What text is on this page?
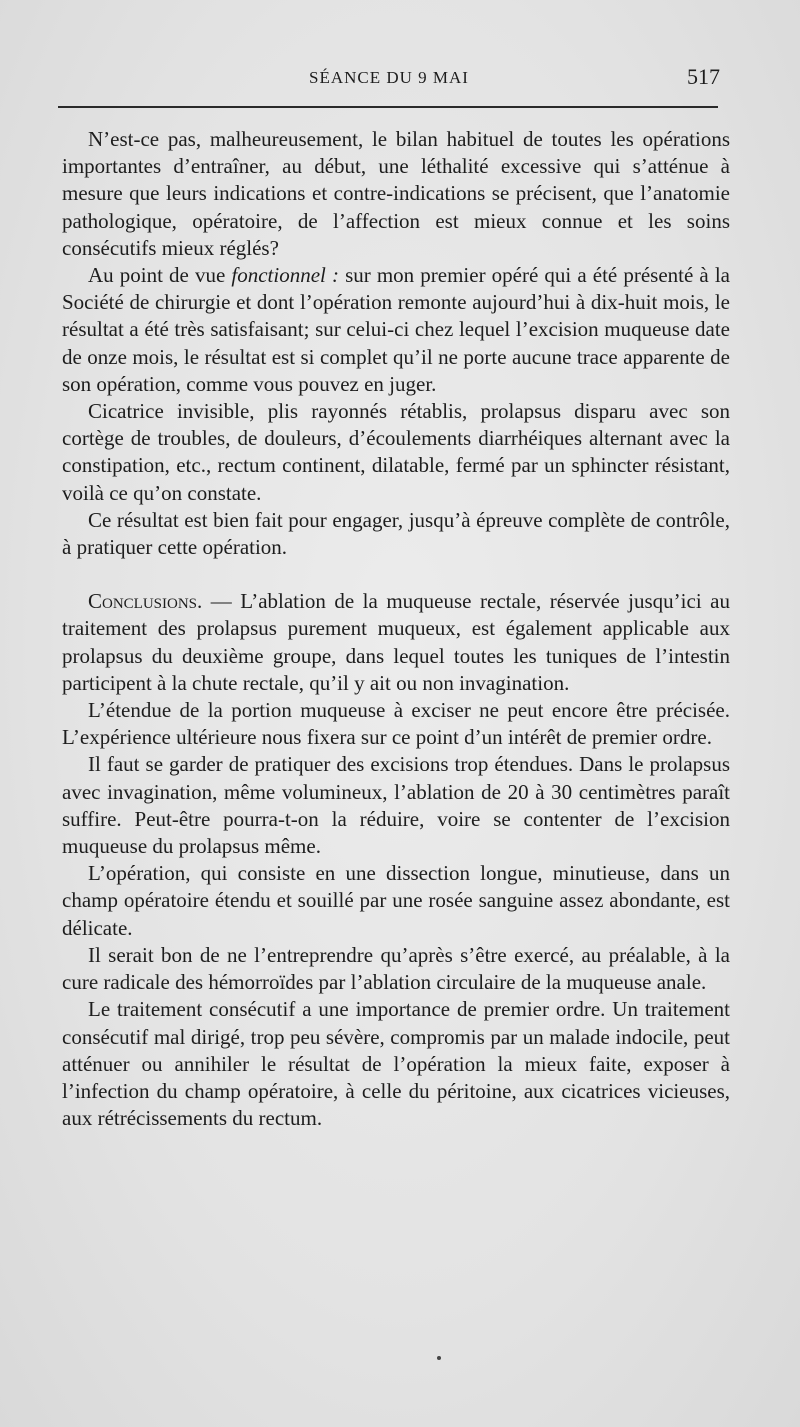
SÉANCE DU 9 MAI	517

N’est-ce pas, malheureusement, le bilan habituel de toutes les opérations importantes d’entraîner, au début, une léthalité excessive qui s’atténue à mesure que leurs indications et contre-indications se précisent, que l’anatomie pathologique, opératoire, de l’affection est mieux connue et les soins consécutifs mieux réglés?

Au point de vue fonctionnel : sur mon premier opéré qui a été présenté à la Société de chirurgie et dont l’opération remonte aujourd’hui à dix-huit mois, le résultat a été très satisfaisant; sur celui-ci chez lequel l’excision muqueuse date de onze mois, le résultat est si complet qu’il ne porte aucune trace apparente de son opération, comme vous pouvez en juger.

Cicatrice invisible, plis rayonnés rétablis, prolapsus disparu avec son cortège de troubles, de douleurs, d’écoulements diarrhéiques alternant avec la constipation, etc., rectum continent, dilatable, fermé par un sphincter résistant, voilà ce qu’on constate.

Ce résultat est bien fait pour engager, jusqu’à épreuve complète de contrôle, à pratiquer cette opération.

Conclusions. — L’ablation de la muqueuse rectale, réservée jusqu’ici au traitement des prolapsus purement muqueux, est également applicable aux prolapsus du deuxième groupe, dans lequel toutes les tuniques de l’intestin participent à la chute rectale, qu’il y ait ou non invagination.

L’étendue de la portion muqueuse à exciser ne peut encore être précisée. L’expérience ultérieure nous fixera sur ce point d’un intérêt de premier ordre.

Il faut se garder de pratiquer des excisions trop étendues. Dans le prolapsus avec invagination, même volumineux, l’ablation de 20 à 30 centimètres paraît suffire. Peut-être pourra-t-on la réduire, voire se contenter de l’excision muqueuse du prolapsus même.

L’opération, qui consiste en une dissection longue, minutieuse, dans un champ opératoire étendu et souillé par une rosée sanguine assez abondante, est délicate.

Il serait bon de ne l’entreprendre qu’après s’être exercé, au préalable, à la cure radicale des hémorroïdes par l’ablation circulaire de la muqueuse anale.

Le traitement consécutif a une importance de premier ordre. Un traitement consécutif mal dirigé, trop peu sévère, compromis par un malade indocile, peut atténuer ou annihiler le résultat de l’opération la mieux faite, exposer à l’infection du champ opératoire, à celle du péritoine, aux cicatrices vicieuses, aux rétrécissements du rectum.
